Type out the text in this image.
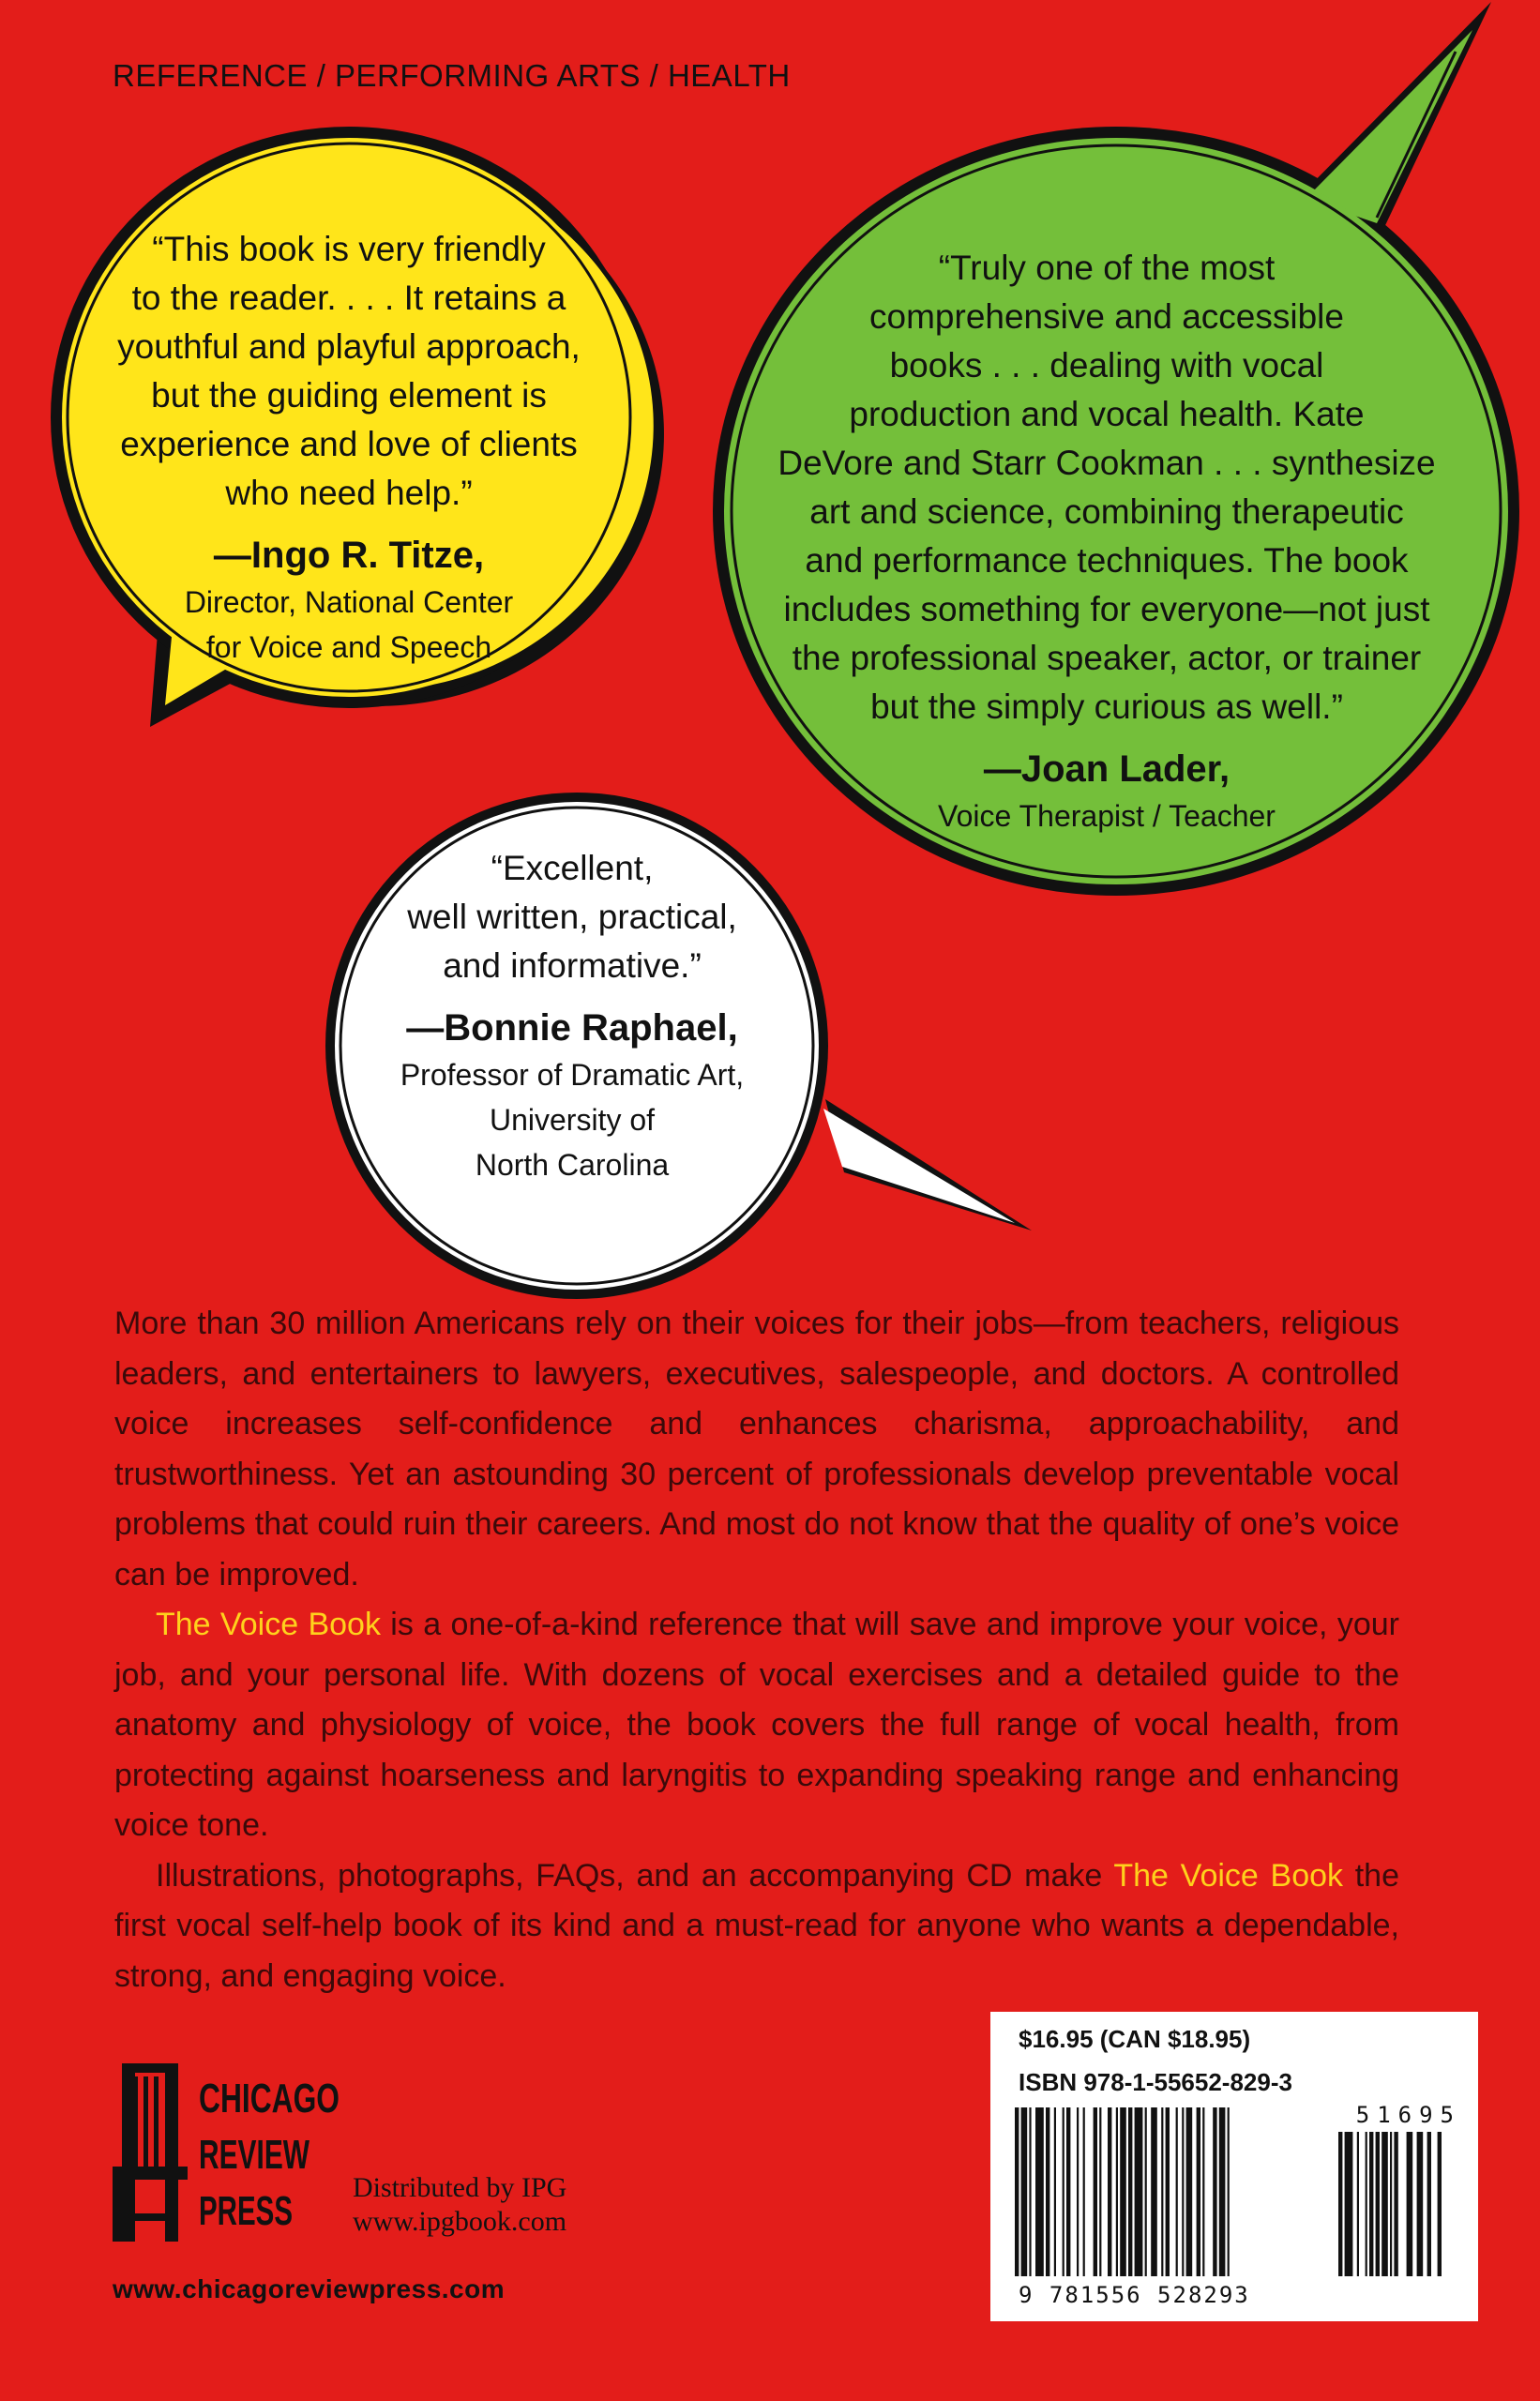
REFERENCE / PERFORMING ARTS / HEALTH
“This book is very friendly
to the reader. . . . It retains a
youthful and playful approach,
but the guiding element is
experience and love of clients
who need help.”
—Ingo R. Titze,
Director, National Center
for Voice and Speech
“Truly one of the most
comprehensive and accessible
books . . . dealing with vocal
production and vocal health. Kate
DeVore and Starr Cookman . . . synthesize
art and science, combining therapeutic
and performance techniques. The book
includes something for everyone—not just
the professional speaker, actor, or trainer
but the simply curious as well.”
—Joan Lader,
Voice Therapist / Teacher
“Excellent,
well written, practical,
and informative.”
—Bonnie Raphael,
Professor of Dramatic Art,
University of
North Carolina

More than 30 million Americans rely on their voices for their jobs—from teachers, religious leaders, and entertainers to lawyers, executives, salespeople, and doctors. A controlled voice increases self-confidence and enhances charisma, approachability, and trustworthiness. Yet an astounding 30 percent of professionals develop preventable vocal problems that could ruin their careers. And most do not know that the quality of one’s voice can be improved.

The Voice Book is a one-of-a-kind reference that will save and improve your voice, your job, and your personal life. With dozens of vocal exercises and a detailed guide to the anatomy and physiology of voice, the book covers the full range of vocal health, from protecting against hoarseness and laryngitis to expanding speaking range and enhancing voice tone.

Illustrations, photographs, FAQs, and an accompanying CD make The Voice Book the first vocal self-help book of its kind and a must-read for anyone who wants a dependable, strong, and engaging voice.

CHICAGO
REVIEW
PRESS
Distributed by IPG
www.ipgbook.com
www.chicagoreviewpress.com
$16.95 (CAN $18.95)
ISBN 978-1-55652-829-3
51695
9 781556 528293
